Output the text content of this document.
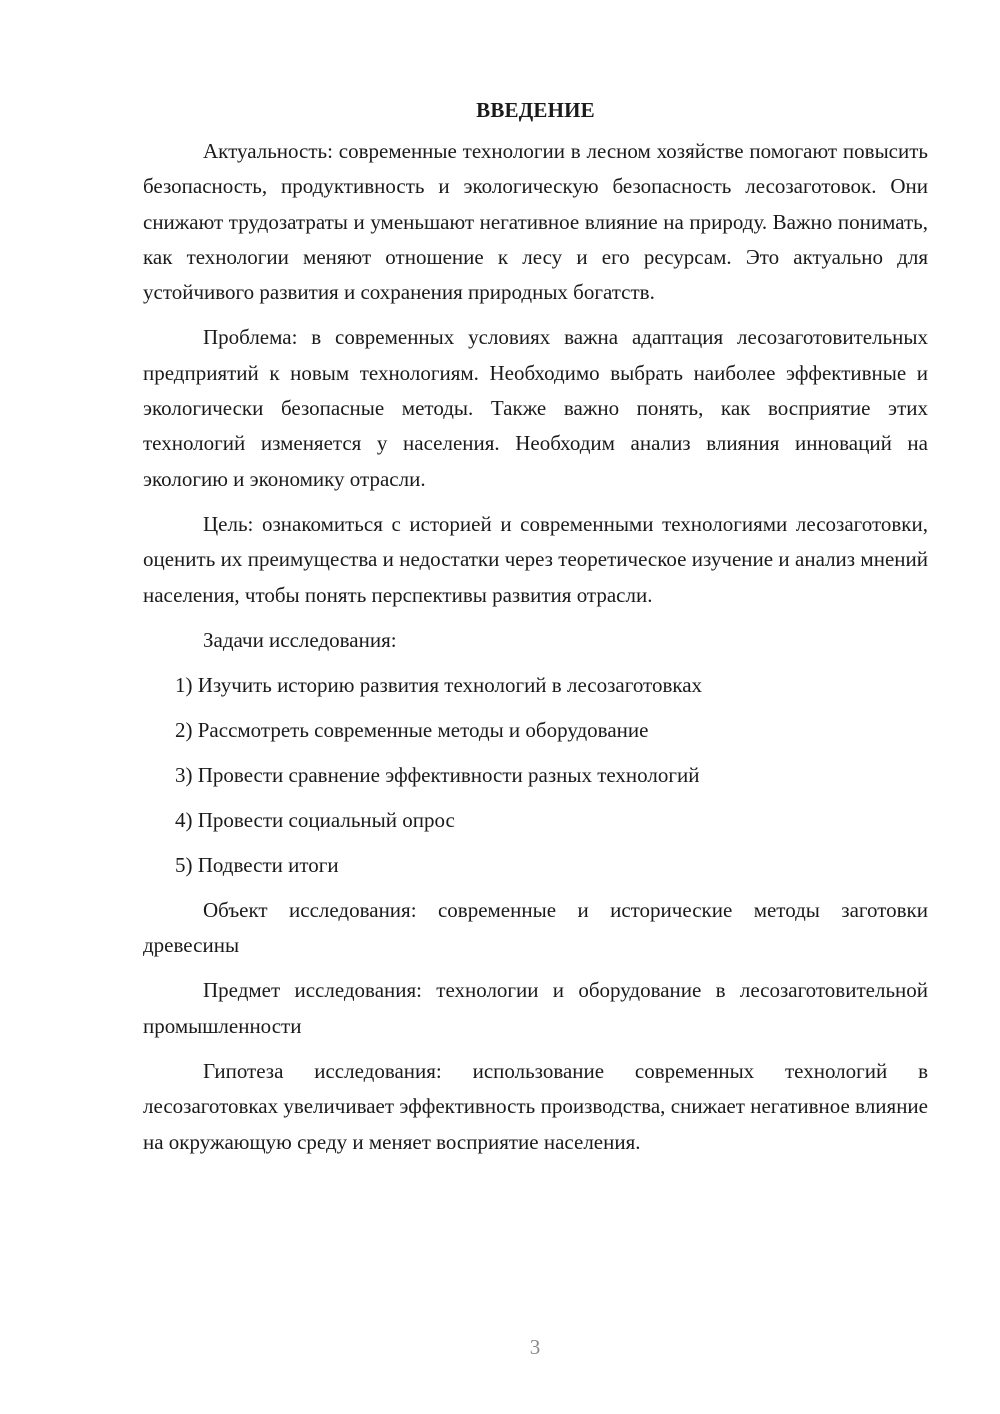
ВВЕДЕНИЕ

Актуальность: современные технологии в лесном хозяйстве помогают повысить безопасность, продуктивность и экологическую безопасность лесозаготовок. Они снижают трудозатраты и уменьшают негативное влияние на природу. Важно понимать, как технологии меняют отношение к лесу и его ресурсам. Это актуально для устойчивого развития и сохранения природных богатств.

Проблема: в современных условиях важна адаптация лесозаготовительных предприятий к новым технологиям. Необходимо выбрать наиболее эффективные и экологически безопасные методы. Также важно понять, как восприятие этих технологий изменяется у населения. Необходим анализ влияния инноваций на экологию и экономику отрасли.

Цель: ознакомиться с историей и современными технологиями лесозаготовки, оценить их преимущества и недостатки через теоретическое изучение и анализ мнений населения, чтобы понять перспективы развития отрасли.

Задачи исследования:
1) Изучить историю развития технологий в лесозаготовках
2) Рассмотреть современные методы и оборудование
3) Провести сравнение эффективности разных технологий
4) Провести социальный опрос
5) Подвести итоги

Объект исследования: современные и исторические методы заготовки древесины

Предмет исследования: технологии и оборудование в лесозаготовительной промышленности

Гипотеза исследования: использование современных технологий в лесозаготовках увеличивает эффективность производства, снижает негативное влияние на окружающую среду и меняет восприятие населения.

3
